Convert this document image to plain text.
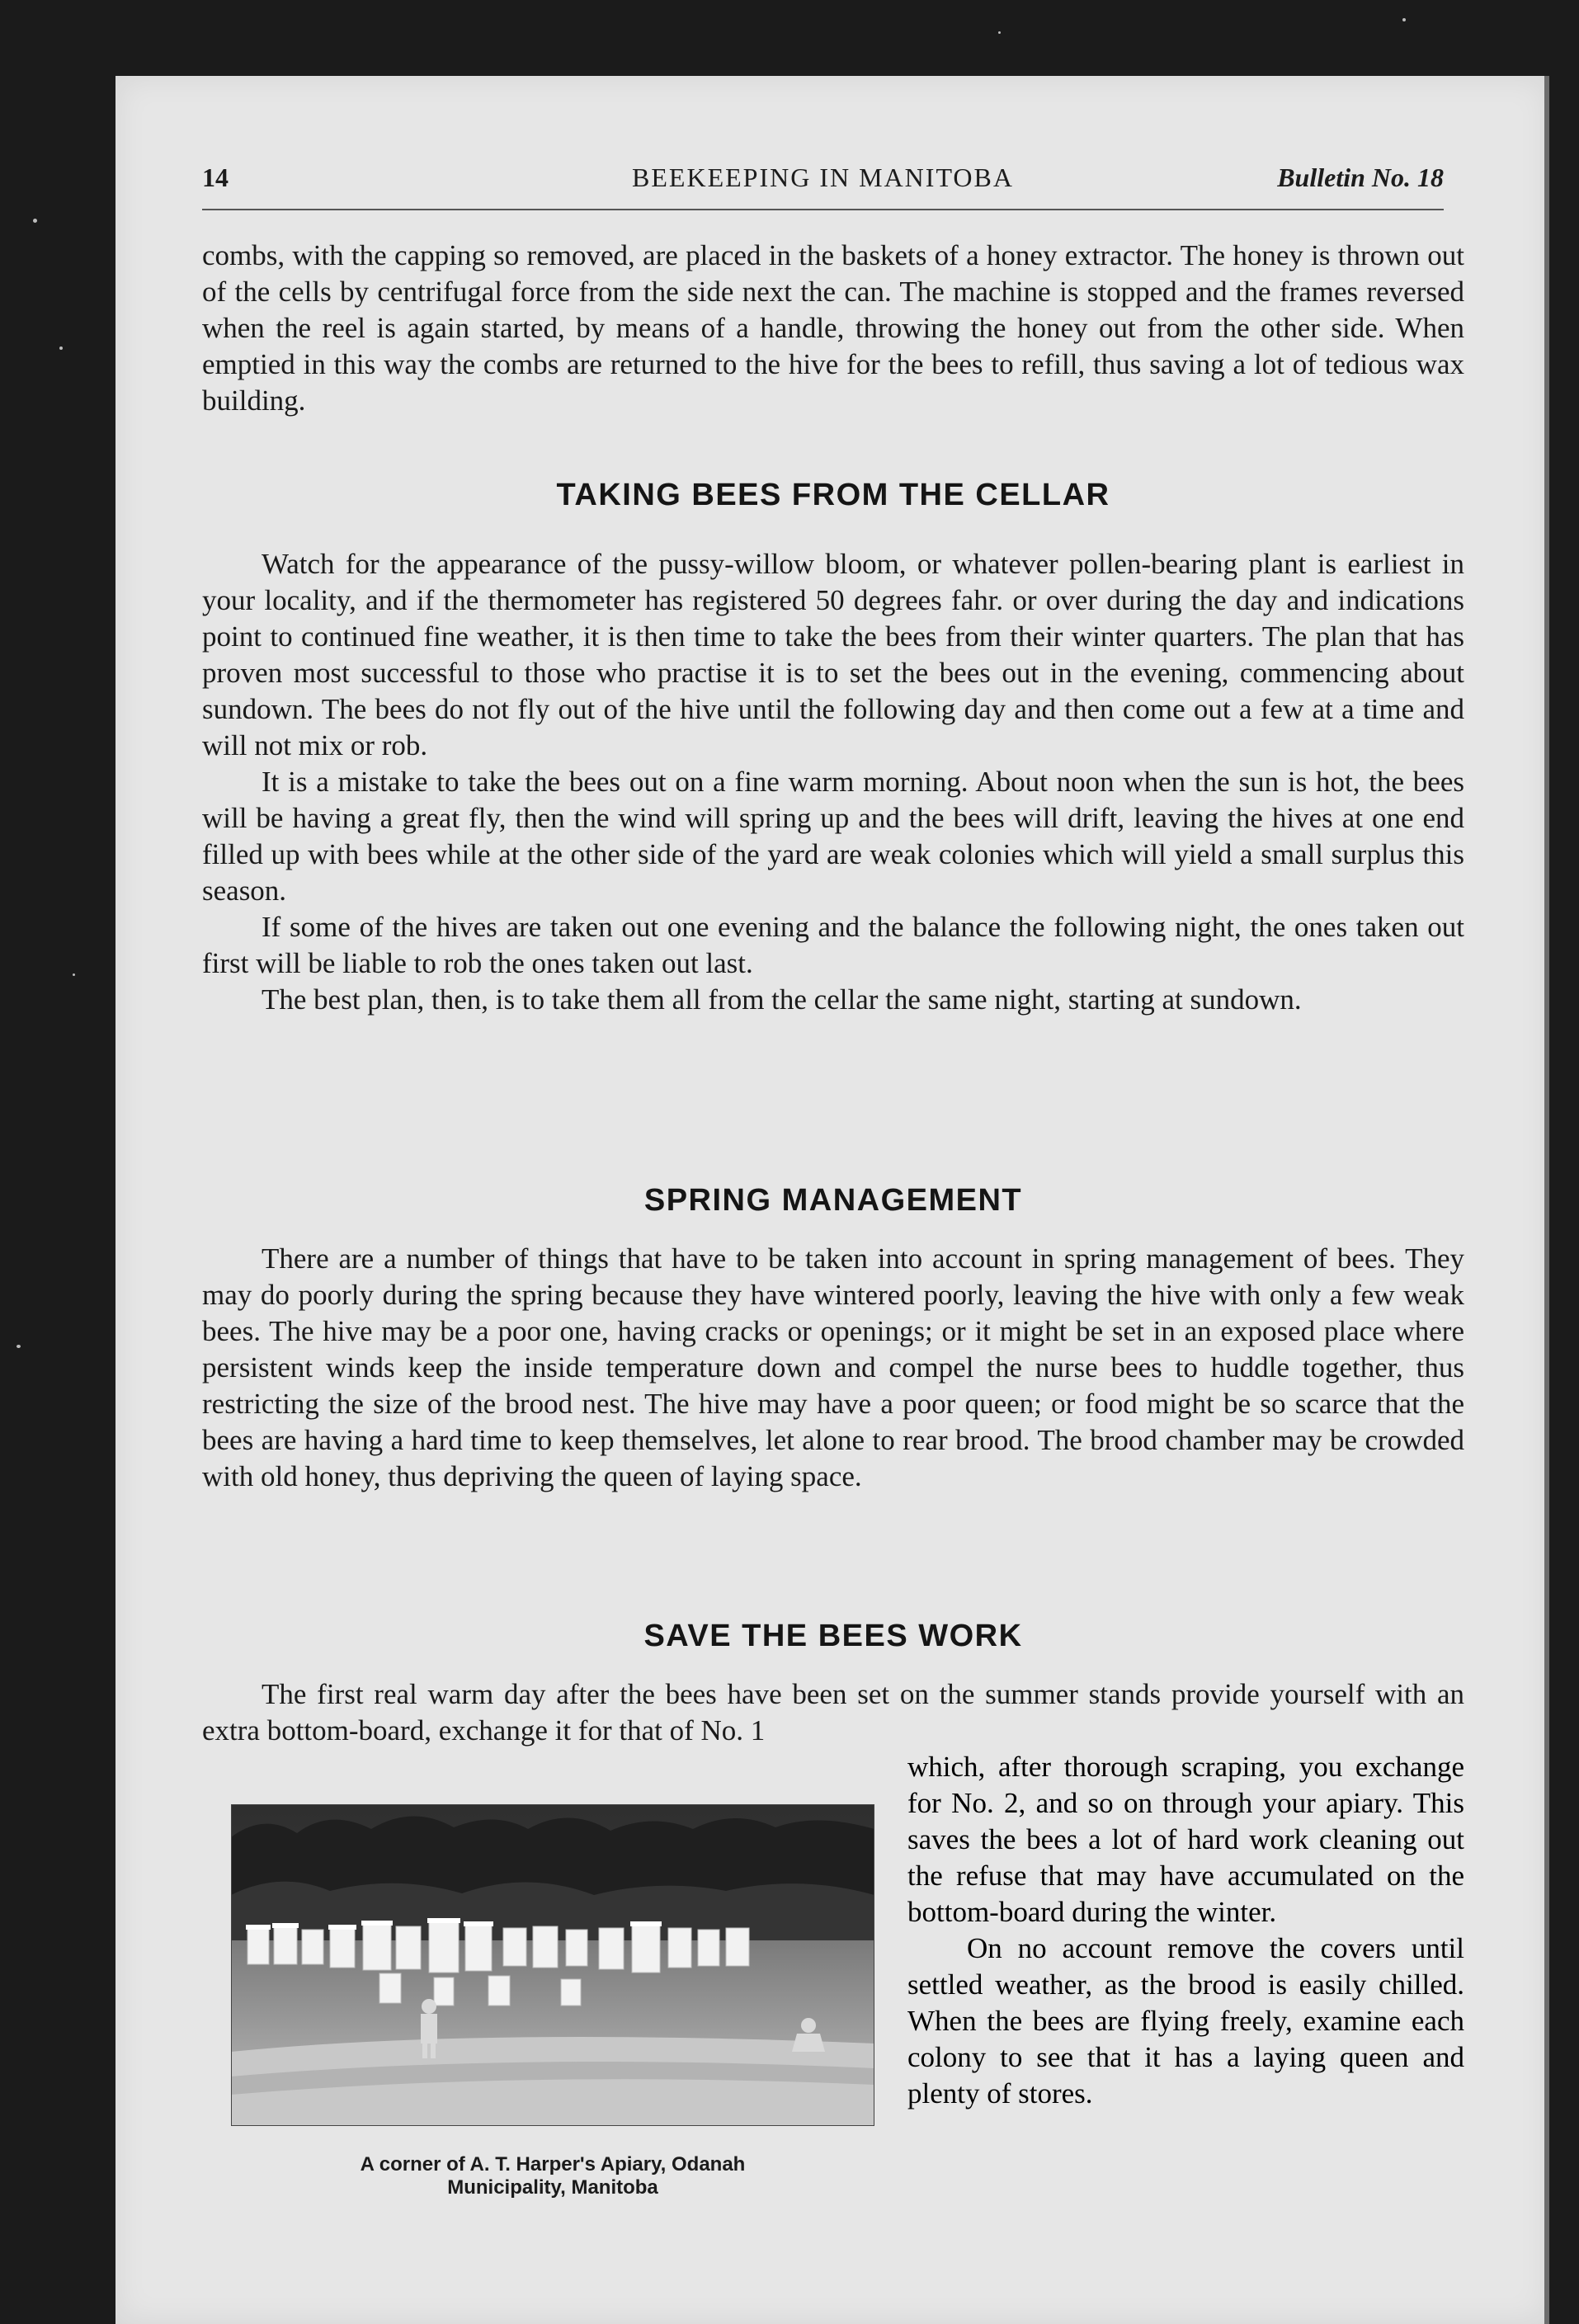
14	BEEKEEPING IN MANITOBA	Bulletin No. 18

combs, with the capping so removed, are placed in the baskets of a honey extractor. The honey is thrown out of the cells by centrifugal force from the side next the can. The machine is stopped and the frames reversed when the reel is again started, by means of a handle, throwing the honey out from the other side. When emptied in this way the combs are returned to the hive for the bees to refill, thus saving a lot of tedious wax building.

TAKING BEES FROM THE CELLAR

Watch for the appearance of the pussy-willow bloom, or whatever pollen-bearing plant is earliest in your locality, and if the thermometer has registered 50 degrees fahr. or over during the day and indications point to continued fine weather, it is then time to take the bees from their winter quarters. The plan that has proven most successful to those who practise it is to set the bees out in the evening, commencing about sundown. The bees do not fly out of the hive until the following day and then come out a few at a time and will not mix or rob.

It is a mistake to take the bees out on a fine warm morning. About noon when the sun is hot, the bees will be having a great fly, then the wind will spring up and the bees will drift, leaving the hives at one end filled up with bees while at the other side of the yard are weak colonies which will yield a small surplus this season.

If some of the hives are taken out one evening and the balance the following night, the ones taken out first will be liable to rob the ones taken out last.

The best plan, then, is to take them all from the cellar the same night, starting at sundown.

SPRING MANAGEMENT

There are a number of things that have to be taken into account in spring management of bees. They may do poorly during the spring because they have wintered poorly, leaving the hive with only a few weak bees. The hive may be a poor one, having cracks or openings; or it might be set in an exposed place where persistent winds keep the inside temperature down and compel the nurse bees to huddle together, thus restricting the size of the brood nest. The hive may have a poor queen; or food might be so scarce that the bees are having a hard time to keep themselves, let alone to rear brood. The brood chamber may be crowded with old honey, thus depriving the queen of laying space.

SAVE THE BEES WORK

The first real warm day after the bees have been set on the summer stands provide yourself with an extra bottom-board, exchange it for that of No. 1

which, after thorough scraping, you exchange for No. 2, and so on through your apiary. This saves the bees a lot of hard work cleaning out the refuse that may have accumulated on the bottom-board during the winter.

On no account remove the covers until settled weather, as the brood is easily chilled. When the bees are flying freely, examine each colony to see that it has a laying queen and plenty of stores.

A corner of A. T. Harper's Apiary, Odanah
Municipality, Manitoba
